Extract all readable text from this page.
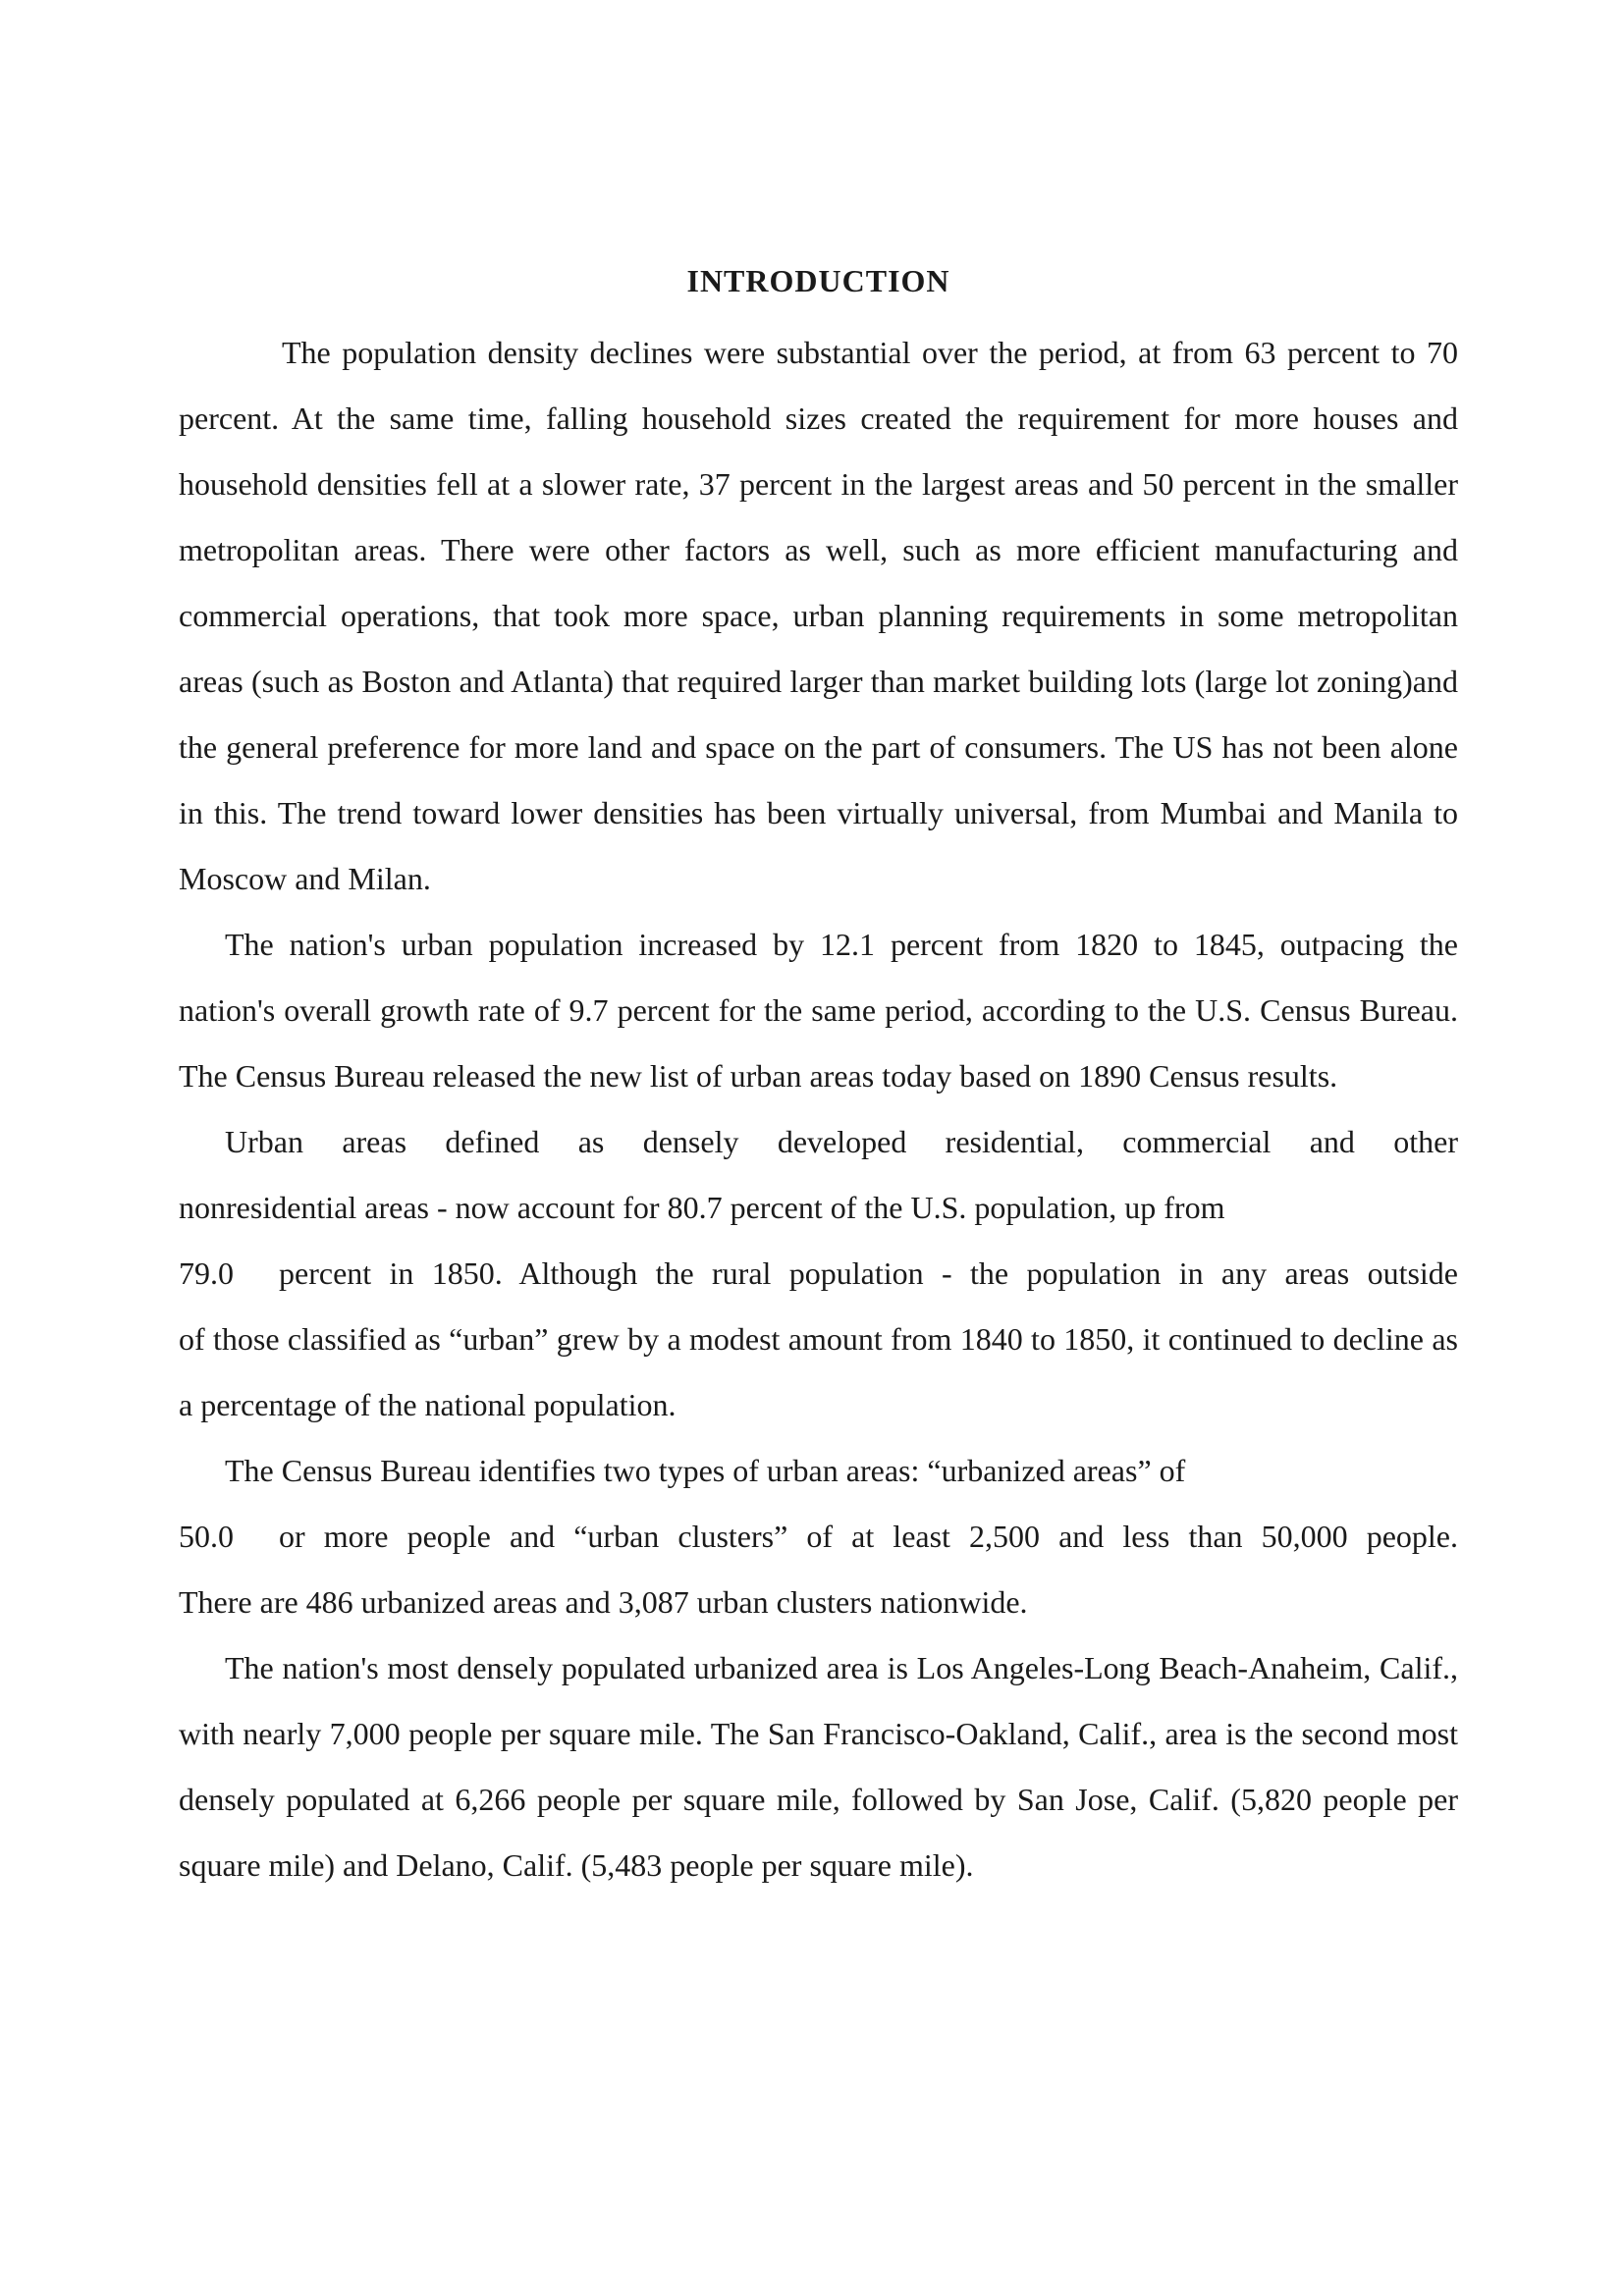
INTRODUCTION

The population density declines were substantial over the period, at from 63 percent to 70 percent. At the same time, falling household sizes created the requirement for more houses and household densities fell at a slower rate, 37 percent in the largest areas and 50 percent in the smaller metropolitan areas. There were other factors as well, such as more efficient manufacturing and commercial operations, that took more space, urban planning requirements in some metropolitan areas (such as Boston and Atlanta) that required larger than market building lots (large lot zoning)and the general preference for more land and space on the part of consumers. The US has not been alone in this. The trend toward lower densities has been virtually universal, from Mumbai and Manila to Moscow and Milan.

The nation's urban population increased by 12.1 percent from 1820 to 1845, outpacing the nation's overall growth rate of 9.7 percent for the same period, according to the U.S. Census Bureau. The Census Bureau released the new list of urban areas today based on 1890 Census results.

Urban areas defined as densely developed residential, commercial and other

nonresidential areas - now account for 80.7 percent of the U.S. population, up from

79.0	percent in 1850. Although the rural population - the population in any areas outside

of those classified as “urban” grew by a modest amount from 1840 to 1850, it continued to decline as a percentage of the national population.

The Census Bureau identifies two types of urban areas: “urbanized areas” of

50.0	or more people and “urban clusters” of at least 2,500 and less than 50,000 people.

There are 486 urbanized areas and 3,087 urban clusters nationwide.

The nation's most densely populated urbanized area is Los Angeles-Long Beach-Anaheim, Calif., with nearly 7,000 people per square mile. The San Francisco-Oakland, Calif., area is the second most densely populated at 6,266 people per square mile, followed by San Jose, Calif. (5,820 people per square mile) and Delano, Calif. (5,483 people per square mile).
